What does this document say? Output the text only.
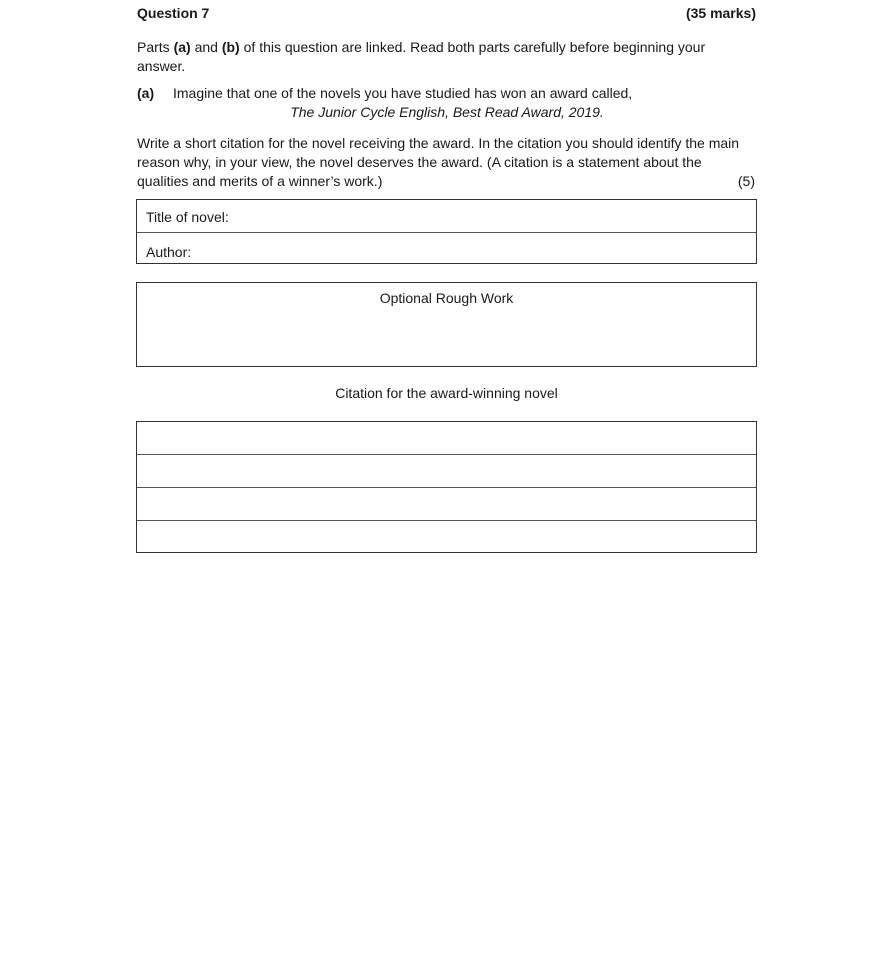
Question 7	(35 marks)
Parts (a) and (b) of this question are linked. Read both parts carefully before beginning your answer.
(a) Imagine that one of the novels you have studied has won an award called,
The Junior Cycle English, Best Read Award, 2019.
Write a short citation for the novel receiving the award. In the citation you should identify the main reason why, in your view, the novel deserves the award. (A citation is a statement about the qualities and merits of a winner’s work.)	(5)
Title of novel:
Author:
Optional Rough Work
Citation for the award-winning novel
